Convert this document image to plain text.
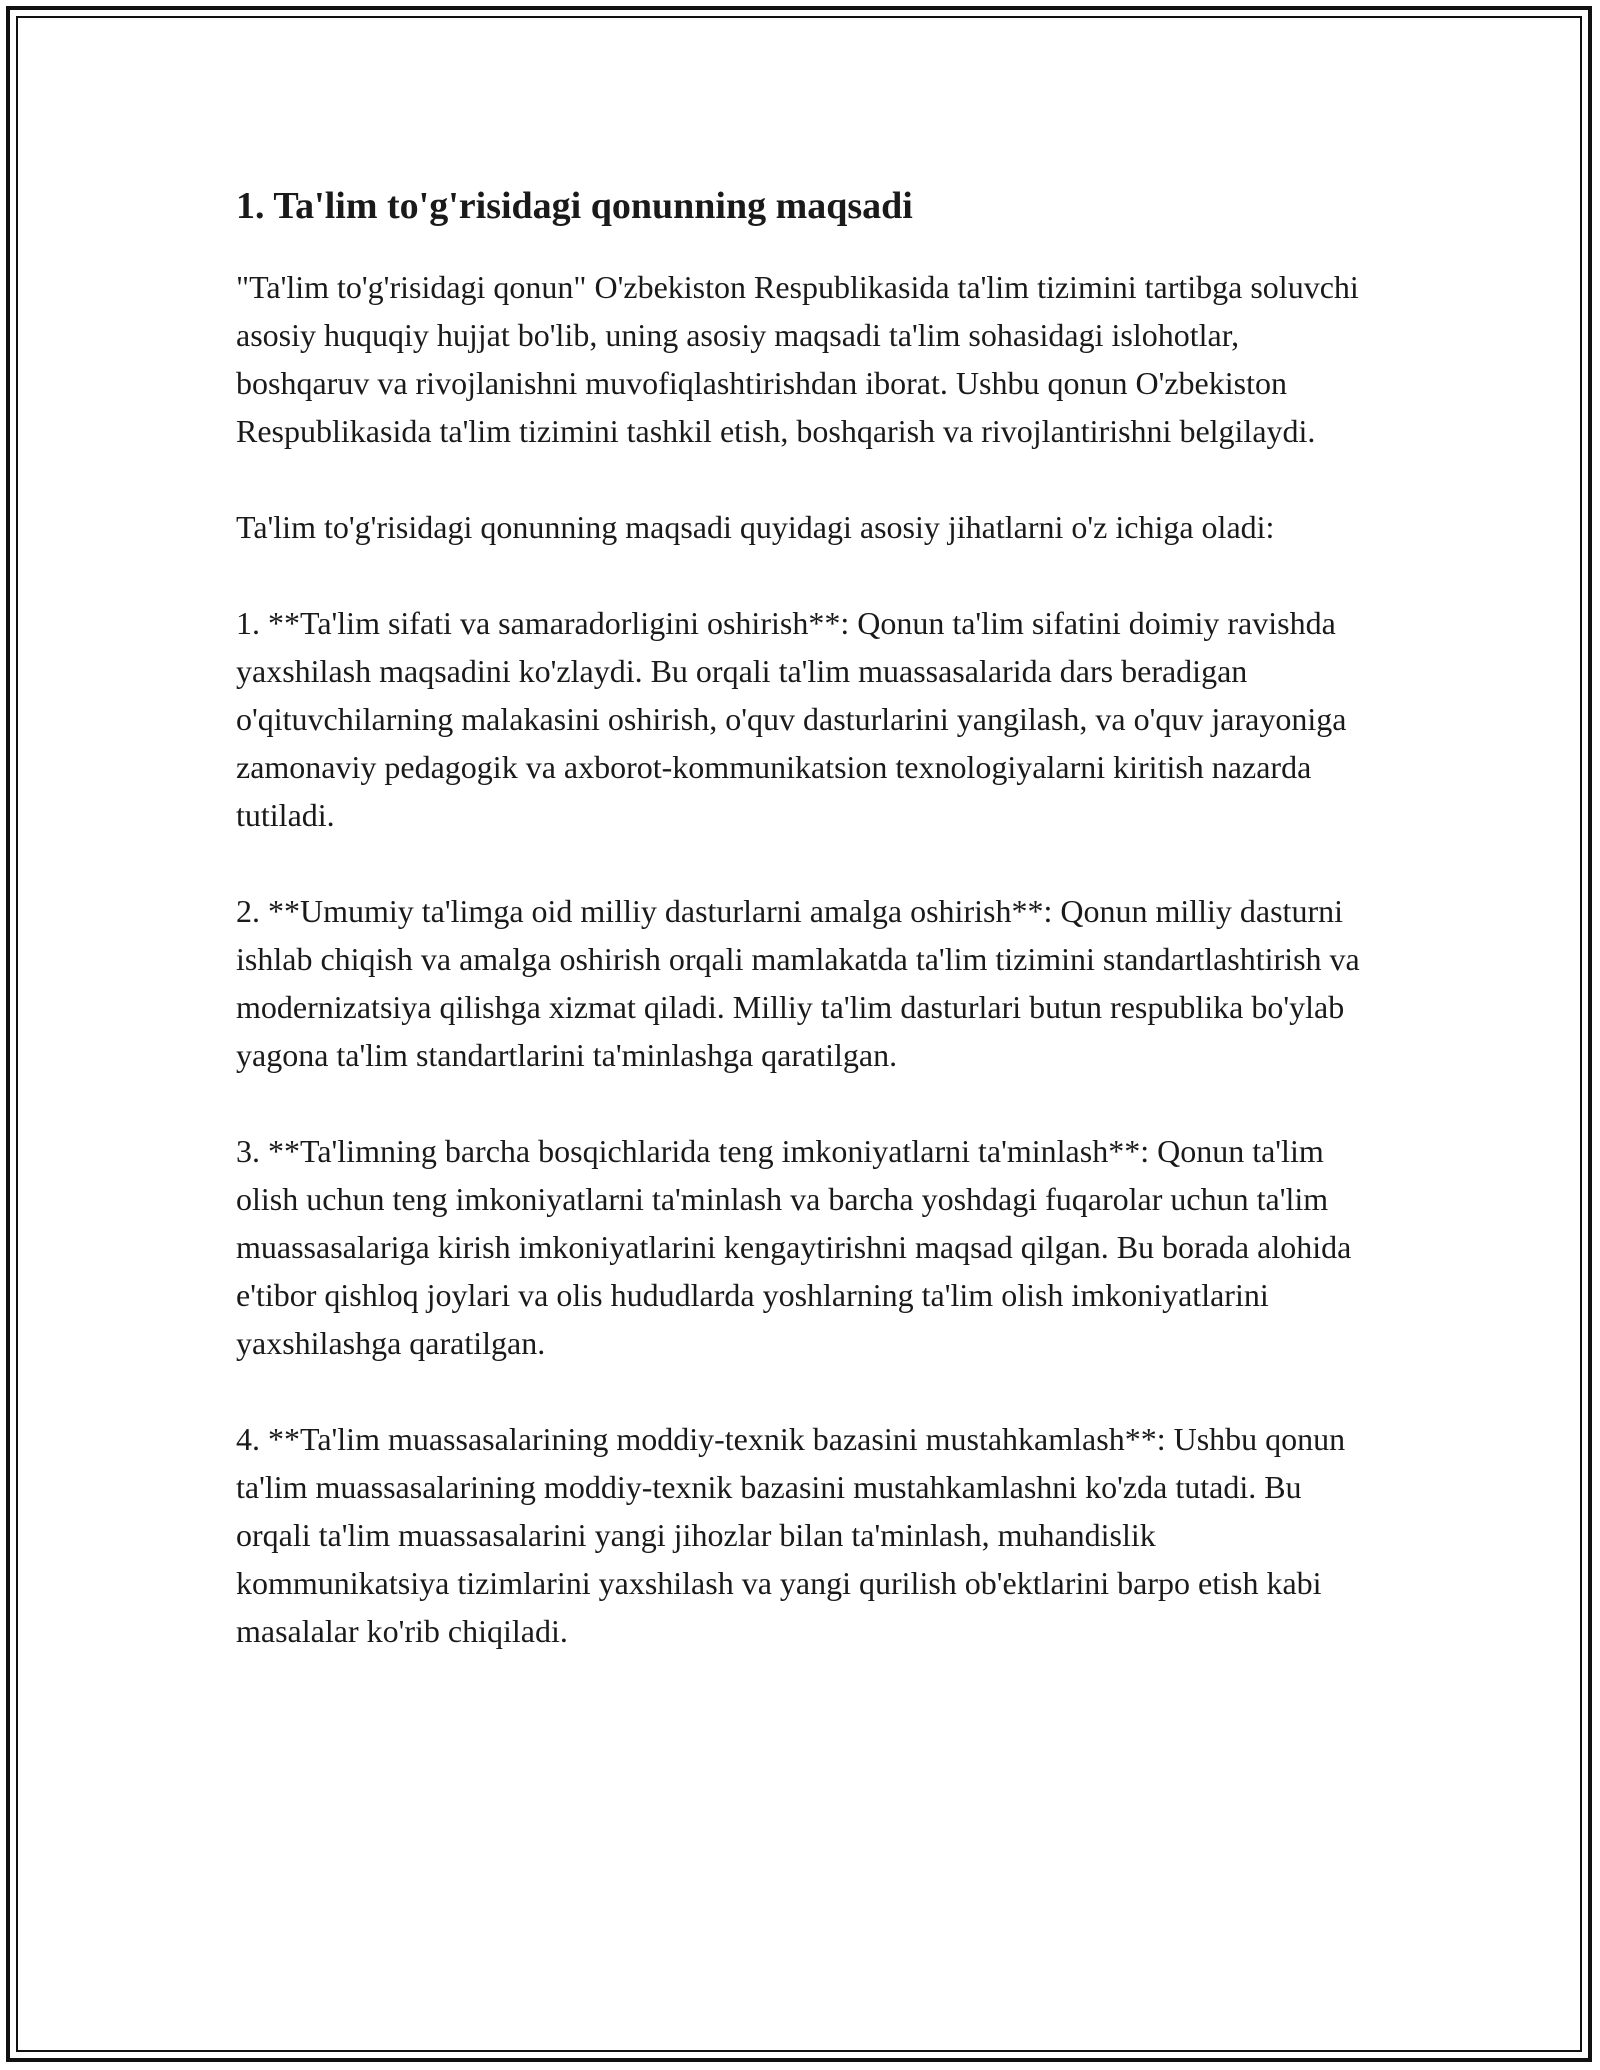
1. Ta'lim to'g'risidagi qonunning maqsadi

"Ta'lim to'g'risidagi qonun" O'zbekiston Respublikasida ta'lim tizimini tartibga soluvchi asosiy huquqiy hujjat bo'lib, uning asosiy maqsadi ta'lim sohasidagi islohotlar, boshqaruv va rivojlanishni muvofiqlashtirishdan iborat. Ushbu qonun O'zbekiston Respublikasida ta'lim tizimini tashkil etish, boshqarish va rivojlantirishni belgilaydi.

Ta'lim to'g'risidagi qonunning maqsadi quyidagi asosiy jihatlarni o'z ichiga oladi:

1. **Ta'lim sifati va samaradorligini oshirish**: Qonun ta'lim sifatini doimiy ravishda yaxshilash maqsadini ko'zlaydi. Bu orqali ta'lim muassasalarida dars beradigan o'qituvchilarning malakasini oshirish, o'quv dasturlarini yangilash, va o'quv jarayoniga zamonaviy pedagogik va axborot-kommunikatsion texnologiyalarni kiritish nazarda tutiladi.

2. **Umumiy ta'limga oid milliy dasturlarni amalga oshirish**: Qonun milliy dasturni ishlab chiqish va amalga oshirish orqali mamlakatda ta'lim tizimini standartlashtirish va modernizatsiya qilishga xizmat qiladi. Milliy ta'lim dasturlari butun respublika bo'ylab yagona ta'lim standartlarini ta'minlashga qaratilgan.

3. **Ta'limning barcha bosqichlarida teng imkoniyatlarni ta'minlash**: Qonun ta'lim olish uchun teng imkoniyatlarni ta'minlash va barcha yoshdagi fuqarolar uchun ta'lim muassasalariga kirish imkoniyatlarini kengaytirishni maqsad qilgan. Bu borada alohida e'tibor qishloq joylari va olis hududlarda yoshlarning ta'lim olish imkoniyatlarini yaxshilashga qaratilgan.

4. **Ta'lim muassasalarining moddiy-texnik bazasini mustahkamlash**: Ushbu qonun ta'lim muassasalarining moddiy-texnik bazasini mustahkamlashni ko'zda tutadi. Bu orqali ta'lim muassasalarini yangi jihozlar bilan ta'minlash, muhandislik kommunikatsiya tizimlarini yaxshilash va yangi qurilish ob'ektlarini barpo etish kabi masalalar ko'rib chiqiladi.
